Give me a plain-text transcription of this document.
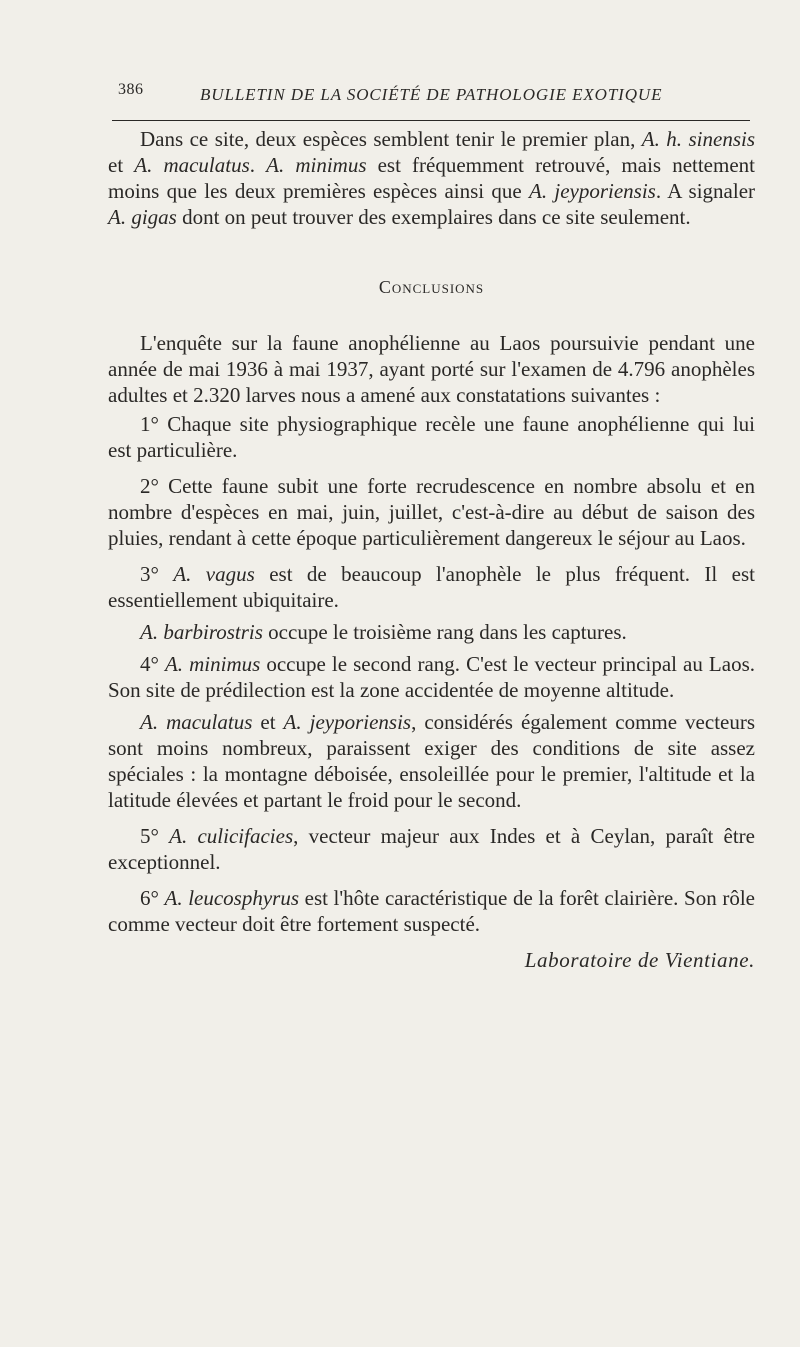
386	BULLETIN DE LA SOCIÉTÉ DE PATHOLOGIE EXOTIQUE

Dans ce site, deux espèces semblent tenir le premier plan, A. h. sinensis et A. maculatus. A. minimus est fréquemment retrouvé, mais nettement moins que les deux premières espèces ainsi que A. jeyporiensis. A signaler A. gigas dont on peut trouver des exemplaires dans ce site seulement.

Conclusions

L'enquête sur la faune anophélienne au Laos poursuivie pendant une année de mai 1936 à mai 1937, ayant porté sur l'examen de 4.796 anophèles adultes et 2.320 larves nous a amené aux constatations suivantes :

1° Chaque site physiographique recèle une faune anophélienne qui lui est particulière.

2° Cette faune subit une forte recrudescence en nombre absolu et en nombre d'espèces en mai, juin, juillet, c'est-à-dire au début de saison des pluies, rendant à cette époque particulièrement dangereux le séjour au Laos.

3° A. vagus est de beaucoup l'anophèle le plus fréquent. Il est essentiellement ubiquitaire.

A. barbirostris occupe le troisième rang dans les captures.

4° A. minimus occupe le second rang. C'est le vecteur principal au Laos. Son site de prédilection est la zone accidentée de moyenne altitude.

A. maculatus et A. jeyporiensis, considérés également comme vecteurs sont moins nombreux, paraissent exiger des conditions de site assez spéciales : la montagne déboisée, ensoleillée pour le premier, l'altitude et la latitude élevées et partant le froid pour le second.

5° A. culicifacies, vecteur majeur aux Indes et à Ceylan, paraît être exceptionnel.

6° A. leucosphyrus est l'hôte caractéristique de la forêt clairière. Son rôle comme vecteur doit être fortement suspecté.

Laboratoire de Vientiane.
